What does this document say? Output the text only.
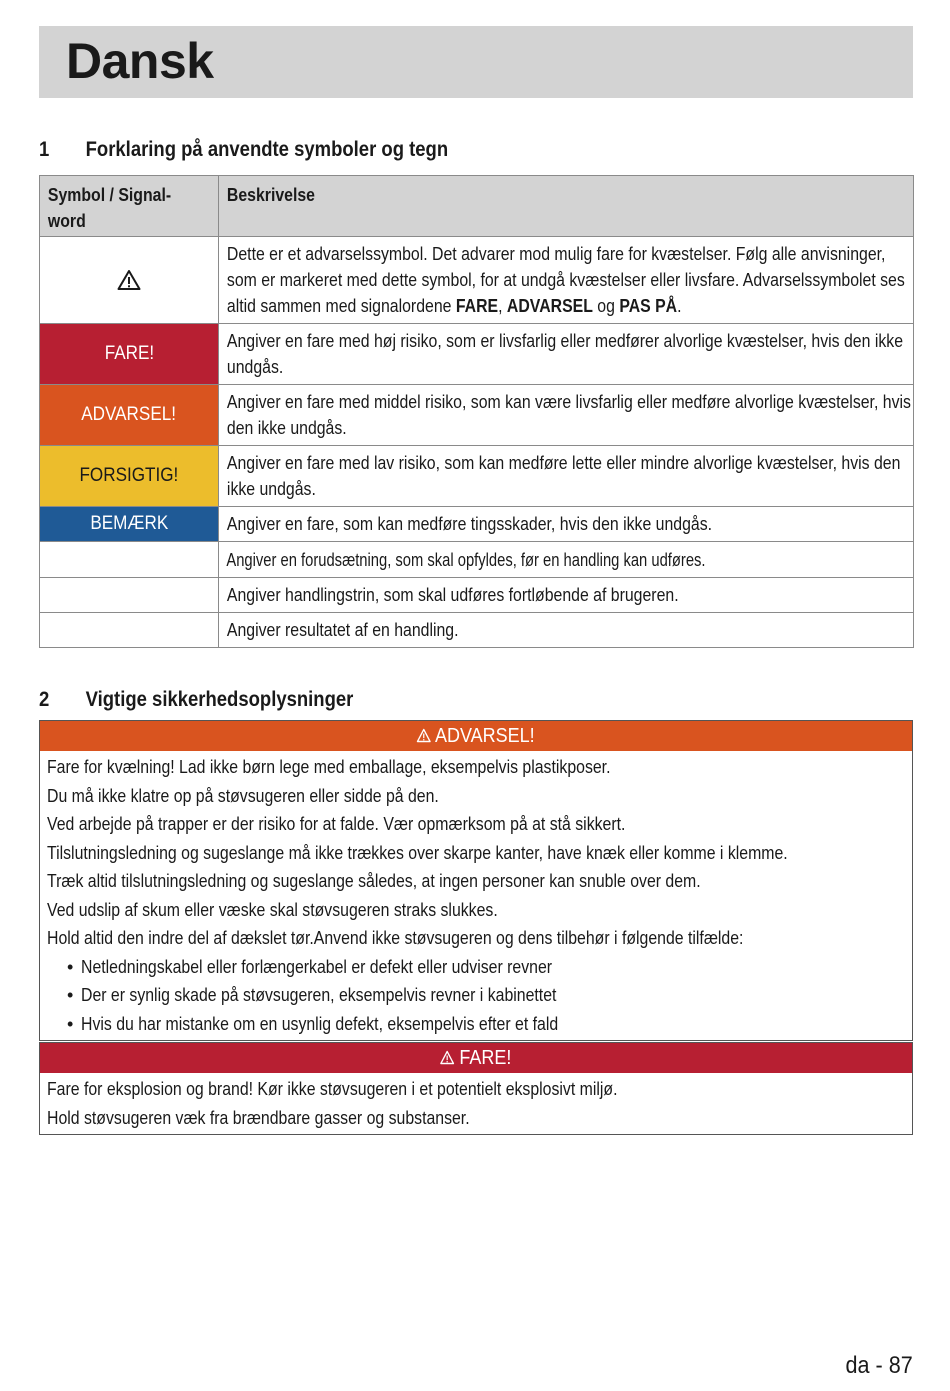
Dansk
1	Forklaring på anvendte symboler og tegn
Symbol / Signal-
word	Beskrivelse
	Dette er et advarselssymbol. Det advarer mod mulig fare for kvæstelser. Følg alle anvisninger, som er markeret med dette symbol, for at undgå kvæstelser eller livsfare. Advarselssymbolet ses altid sammen med signalordene FARE, ADVARSEL og PAS PÅ.
FARE!	Angiver en fare med høj risiko, som er livsfarlig eller medfører alvorlige kvæstelser, hvis den ikke undgås.
ADVARSEL!	Angiver en fare med middel risiko, som kan være livsfarlig eller medføre alvorlige kvæstelser, hvis den ikke undgås.
FORSIGTIG!	Angiver en fare med lav risiko, som kan medføre lette eller mindre alvorlige kvæstelser, hvis den ikke undgås.
BEMÆRK	Angiver en fare, som kan medføre tingsskader, hvis den ikke undgås.
△	Angiver en forudsætning, som skal opfyldes, før en handling kan udføres.
▸	Angiver handlingstrin, som skal udføres fortløbende af brugeren.
↳	Angiver resultatet af en handling.
2	Vigtige sikkerhedsoplysninger
ADVARSEL!
Fare for kvælning! Lad ikke børn lege med emballage, eksempelvis plastikposer.
Du må ikke klatre op på støvsugeren eller sidde på den.
Ved arbejde på trapper er der risiko for at falde. Vær opmærksom på at stå sikkert.
Tilslutningsledning og sugeslange må ikke trækkes over skarpe kanter, have knæk eller komme i klemme.
Træk altid tilslutningsledning og sugeslange således, at ingen personer kan snuble over dem.
Ved udslip af skum eller væske skal støvsugeren straks slukkes.
Hold altid den indre del af dækslet tør.Anvend ikke støvsugeren og dens tilbehør i følgende tilfælde:
• Netledningskabel eller forlængerkabel er defekt eller udviser revner
• Der er synlig skade på støvsugeren, eksempelvis revner i kabinettet
• Hvis du har mistanke om en usynlig defekt, eksempelvis efter et fald
FARE!
Fare for eksplosion og brand! Kør ikke støvsugeren i et potentielt eksplosivt miljø.
Hold støvsugeren væk fra brændbare gasser og substanser.
da - 87
